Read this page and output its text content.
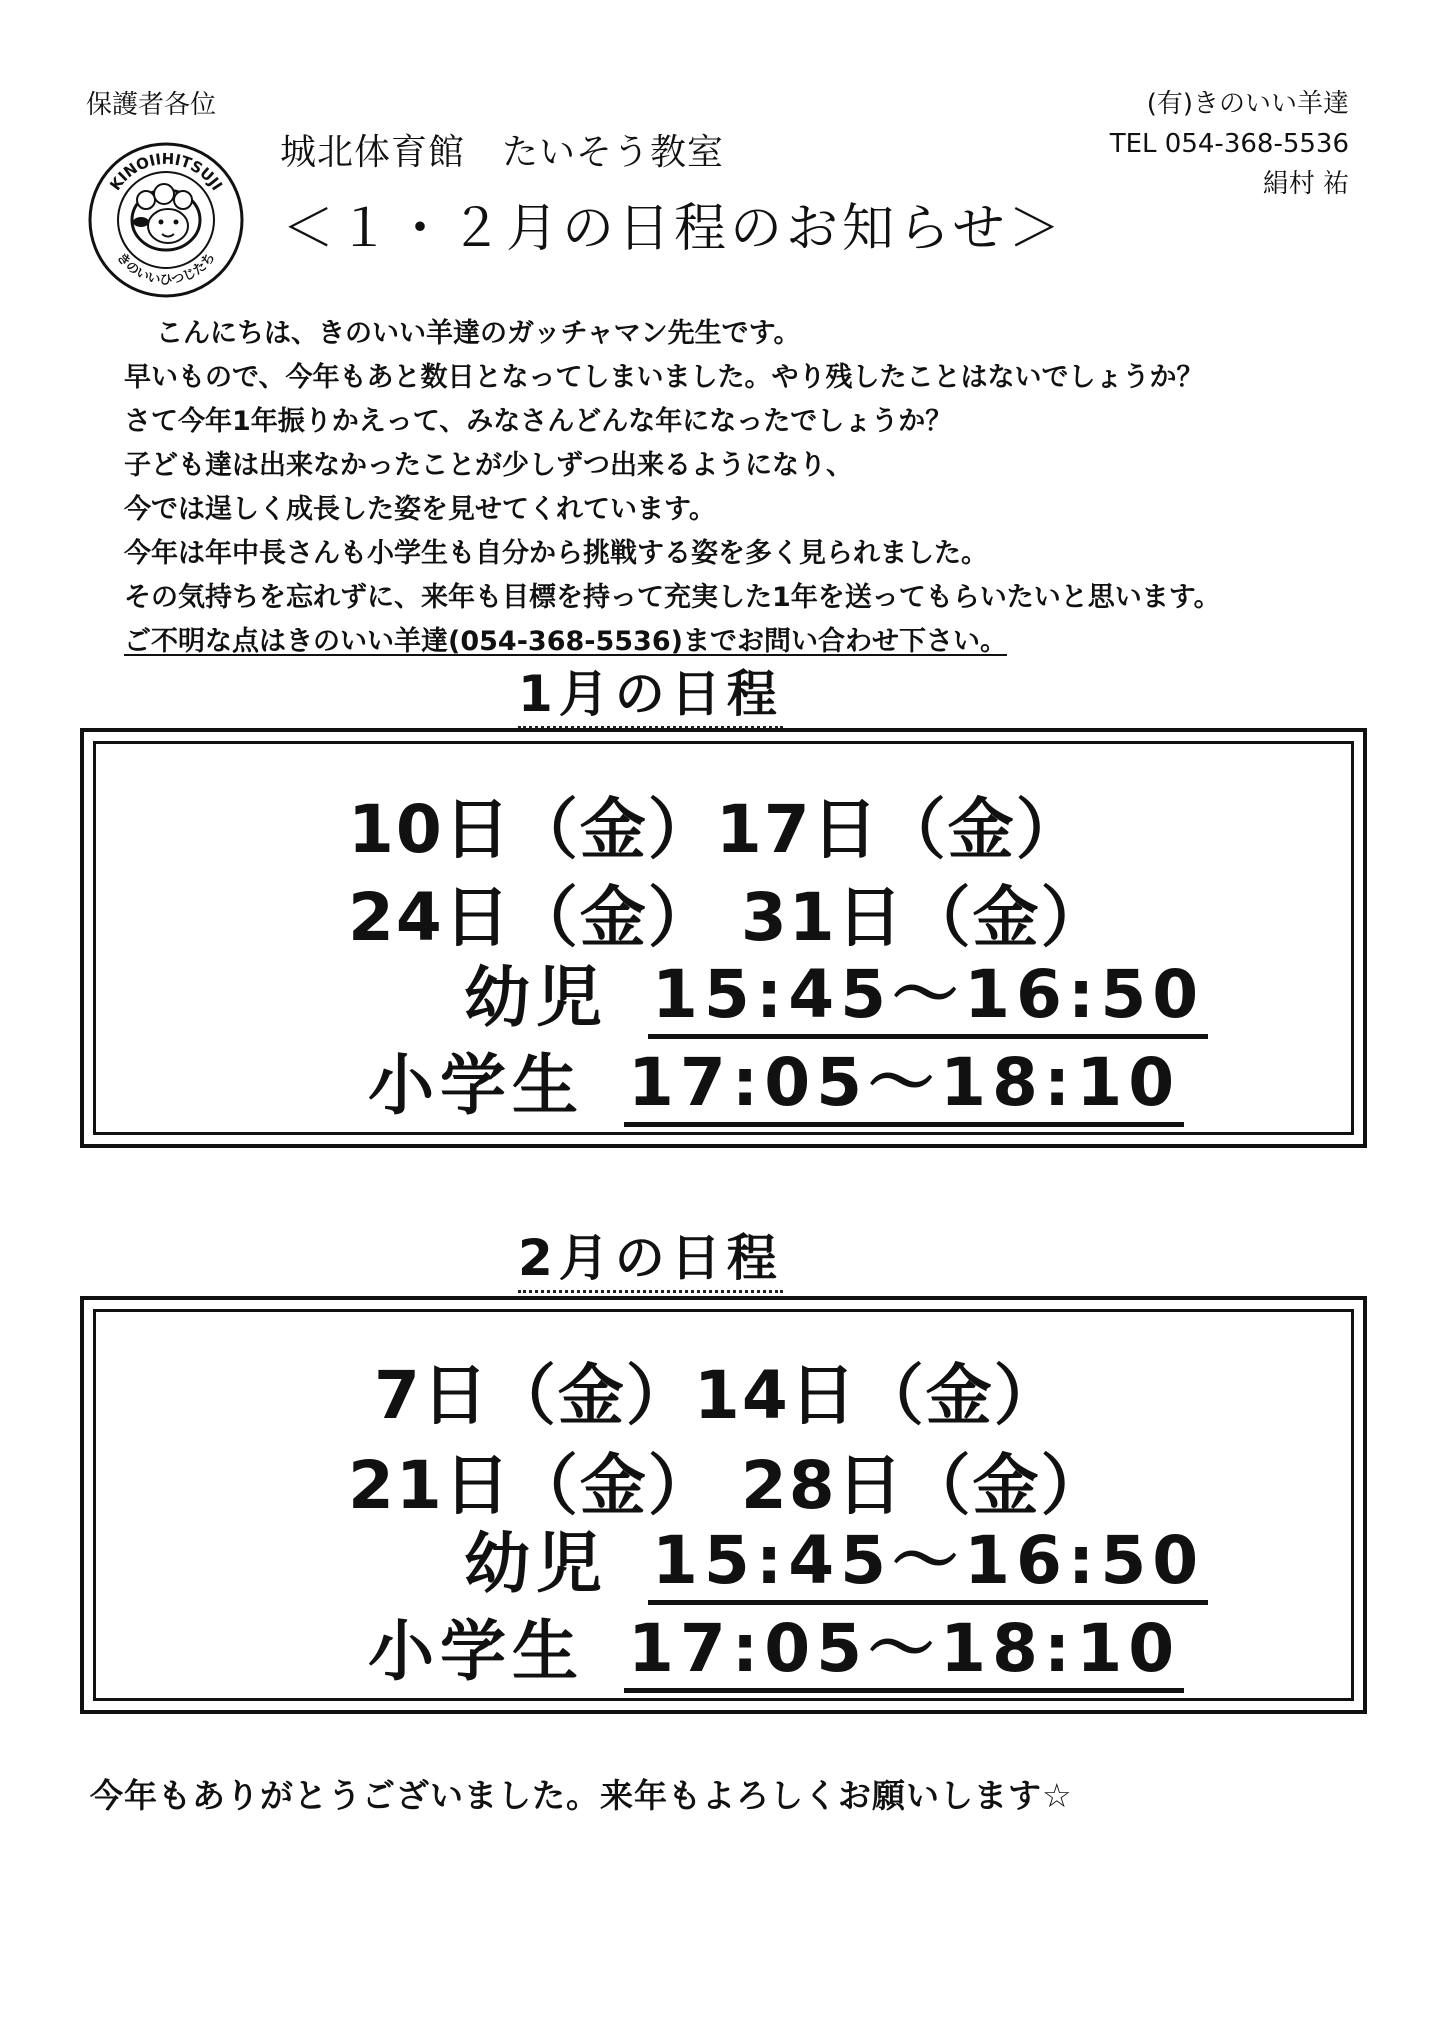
保護者各位	(有)きのいい羊達
TEL 054-368-5536
絹村 祐
KINOIIHITSUJI
きのいいひつじたち
城北体育館　たいそう教室
＜１・２月の日程のお知らせ＞
こんにちは、きのいい羊達のガッチャマン先生です。
早いもので、今年もあと数日となってしまいました。やり残したことはないでしょうか？
さて今年1年振りかえって、みなさんどんな年になったでしょうか？
子ども達は出来なかったことが少しずつ出来るようになり、
今では逞しく成長した姿を見せてくれています。
今年は年中長さんも小学生も自分から挑戦する姿を多く見られました。
その気持ちを忘れずに、来年も目標を持って充実した1年を送ってもらいたいと思います。
ご不明な点はきのいい羊達(054-368-5536)までお問い合わせ下さい。
1月の日程
10日（金）17日（金）
24日（金） 31日（金）
幼児 15:45〜16:50
小学生 17:05〜18:10
2月の日程
7日（金）14日（金）
21日（金） 28日（金）
幼児 15:45〜16:50
小学生 17:05〜18:10
今年もありがとうございました。来年もよろしくお願いします☆
